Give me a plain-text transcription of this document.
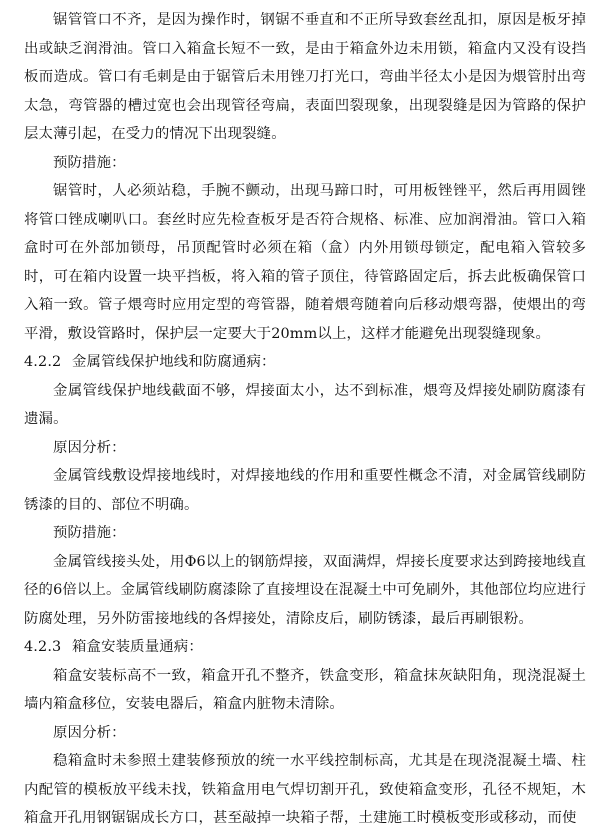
锯管管口不齐，是因为操作时，钢锯不垂直和不正所导致套丝乱扣，原因是板牙掉出或缺乏润滑油。管口入箱盒长短不一致，是由于箱盒外边未用锁，箱盒内又没有设挡板而造成。管口有毛刺是由于锯管后未用锉刀打光口，弯曲半径太小是因为煨管肘出弯太急，弯管器的槽过宽也会出现管径弯扁，表面凹裂现象，出现裂缝是因为管路的保护层太薄引起，在受力的情况下出现裂缝。

预防措施：

锯管时，人必须站稳，手腕不颤动，出现马蹄口时，可用板锉锉平，然后再用圆锉将管口锉成喇叭口。套丝时应先检查板牙是否符合规格、标准、应加润滑油。管口入箱盒时可在外部加锁母，吊顶配管时必须在箱（盒）内外用锁母锁定，配电箱入管较多时，可在箱内设置一块平挡板，将入箱的管子顶住，待管路固定后，拆去此板确保管口入箱一致。管子煨弯时应用定型的弯管器，随着煨弯随着向后移动煨弯器，使煨出的弯平滑，敷设管路时，保护层一定要大于20mm以上，这样才能避免出现裂缝现象。

4.2.2 金属管线保护地线和防腐通病：

金属管线保护地线截面不够，焊接面太小，达不到标准，煨弯及焊接处刷防腐漆有遗漏。

原因分析：

金属管线敷设焊接地线时，对焊接地线的作用和重要性概念不清，对金属管线刷防锈漆的目的、部位不明确。

预防措施：

金属管线接头处，用Φ6以上的钢筋焊接，双面满焊，焊接长度要求达到跨接地线直径的6倍以上。金属管线刷防腐漆除了直接埋设在混凝土中可免刷外，其他部位均应进行防腐处理，另外防雷接地线的各焊接处，清除皮后，刷防锈漆，最后再刷银粉。

4.2.3 箱盒安装质量通病：

箱盒安装标高不一致，箱盒开孔不整齐，铁盒变形，箱盒抹灰缺阳角，现浇混凝土墙内箱盒移位，安装电器后，箱盒内脏物未清除。

原因分析：

稳箱盒时未参照土建装修预放的统一水平线控制标高，尤其是在现浇混凝土墙、柱内配管的模板放平线未找，铁箱盒用电气焊切割开孔，致使箱盒变形，孔径不规矩，木箱盒开孔用钢锯锯成长方口，甚至敲掉一块箱子帮，土建施工时模板变形或移动，而使
